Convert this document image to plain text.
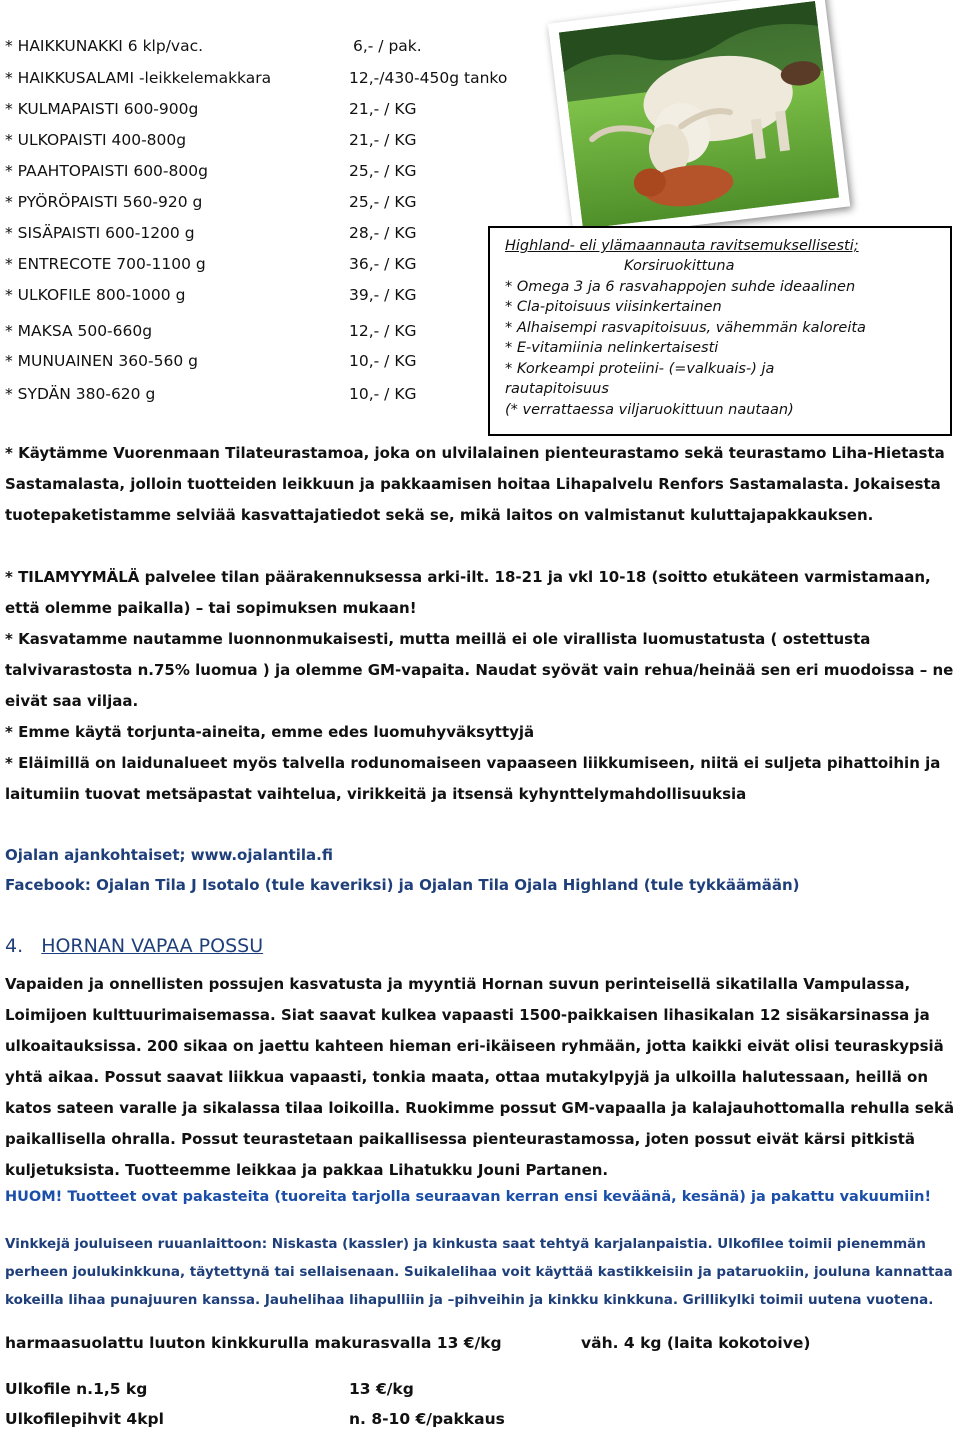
* HAIKKUNAKKI 6 klp/vac.	6,- / pak.
* HAIKKUSALAMI -leikkelemakkara	12,-/430-450g tanko
* KULMAPAISTI 600-900g	21,- / KG
* ULKOPAISTI 400-800g	21,- / KG
* PAAHTOPAISTI 600-800g	25,- / KG
* PYÖRÖPAISTI 560-920 g	25,- / KG
* SISÄPAISTI 600-1200 g	28,- / KG
* ENTRECOTE 700-1100 g	36,- / KG
* ULKOFILE 800-1000 g	39,- / KG
* MAKSA 500-660g	12,- / KG
* MUNUAINEN 360-560 g	10,- / KG
* SYDÄN 380-620 g	10,- / KG
Highland- eli ylämaannauta ravitsemuksellisesti;
Korsiruokittuna
* Omega 3 ja 6 rasvahappojen suhde ideaalinen
* Cla-pitoisuus viisinkertainen
* Alhaisempi rasvapitoisuus, vähemmän kaloreita
* E-vitamiinia nelinkertaisesti
* Korkeampi proteiini- (=valkuais-) ja
rautapitoisuus
(* verrattaessa viljaruokittuun nautaan)

* Käytämme Vuorenmaan Tilateurastamoa, joka on ulvilalainen pienteurastamo sekä teurastamo Liha-Hietasta Sastamalasta, jolloin tuotteiden leikkuun ja pakkaamisen hoitaa Lihapalvelu Renfors Sastamalasta. Jokaisesta tuotepaketistamme selviää kasvattajatiedot sekä se, mikä laitos on valmistanut kuluttajapakkauksen.

* TILAMYYMÄLÄ palvelee tilan päärakennuksessa arki-ilt. 18-21 ja vkl 10-18 (soitto etukäteen varmistamaan, että olemme paikalla) – tai sopimuksen mukaan!

* Kasvatamme nautamme luonnonmukaisesti, mutta meillä ei ole virallista luomustatusta ( ostettusta talvivarastosta n.75% luomua ) ja olemme GM-vapaita. Naudat syövät vain rehua/heinää sen eri muodoissa – ne eivät saa viljaa.

* Emme käytä torjunta-aineita, emme edes luomuhyväksyttyjä

* Eläimillä on laidunalueet myös talvella rodunomaiseen vapaaseen liikkumiseen, niitä ei suljeta pihattoihin ja laitumiin tuovat metsäpastat vaihtelua, virikkeitä ja itsensä kyhynttelymahdollisuuksia

Ojalan ajankohtaiset; www.ojalantila.fi
Facebook: Ojalan Tila J Isotalo (tule kaveriksi) ja Ojalan Tila Ojala Highland (tule tykkäämään)
4. HORNAN VAPAA POSSU

Vapaiden ja onnellisten possujen kasvatusta ja myyntiä Hornan suvun perinteisellä sikatilalla Vampulassa, Loimijoen kulttuurimaisemassa. Siat saavat kulkea vapaasti 1500-paikkaisen lihasikalan 12 sisäkarsinassa ja ulkoaitauksissa. 200 sikaa on jaettu kahteen hieman eri-ikäiseen ryhmään, jotta kaikki eivät olisi teuraskypsiä yhtä aikaa. Possut saavat liikkua vapaasti, tonkia maata, ottaa mutakylpyjä ja ulkoilla halutessaan, heillä on katos sateen varalle ja sikalassa tilaa loikoilla. Ruokimme possut GM-vapaalla ja kalajauhottomalla rehulla sekä paikallisella ohralla. Possut teurastetaan paikallisessa pienteurastamossa, joten possut eivät kärsi pitkistä kuljetuksista. Tuotteemme leikkaa ja pakkaa Lihatukku Jouni Partanen.

HUOM! Tuotteet ovat pakasteita (tuoreita tarjolla seuraavan kerran ensi keväänä, kesänä) ja pakattu vakuumiin!

Vinkkejä jouluiseen ruuanlaittoon: Niskasta (kassler) ja kinkusta saat tehtyä karjalanpaistia. Ulkofilee toimii pienemmän perheen joulukinkkuna, täytettynä tai sellaisenaan. Suikalelihaa voit käyttää kastikkeisiin ja pataruokiin, jouluna kannattaa kokeilla lihaa punajuuren kanssa. Jauhelihaa lihapulliin ja –pihveihin ja kinkku kinkkuna. Grillikylki toimii uutena vuotena.

harmaasuolattu luuton kinkkurulla makurasvalla 13 €/kg	väh. 4 kg (laita kokotoive)
Ulkofile n.1,5 kg	13 €/kg
Ulkofilepihvit 4kpl	n. 8-10 €/pakkaus
